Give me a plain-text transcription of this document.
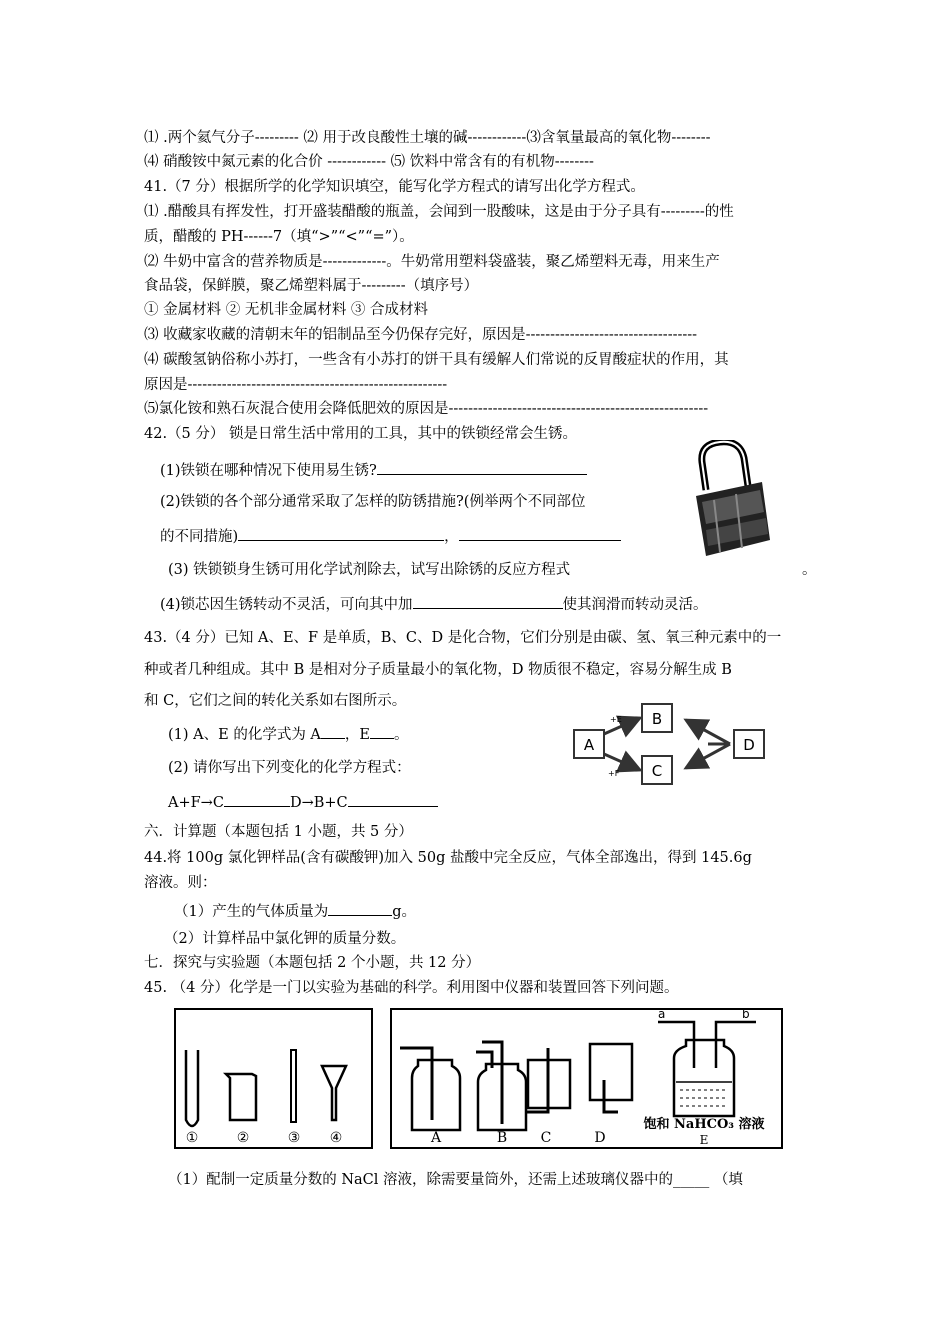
⑴ .两个氦气分子--------- ⑵ 用于改良酸性土壤的碱------------⑶含氧量最高的氧化物--------
⑷ 硝酸铵中氮元素的化合价 ------------ ⑸ 饮料中常含有的有机物--------
41.（7 分）根据所学的化学知识填空，能写化学方程式的请写出化学方程式。
⑴ .醋酸具有挥发性，打开盛装醋酸的瓶盖，会闻到一股酸味，这是由于分子具有---------的性
质，醋酸的 PH------7（填“>”“<”“=”）。
⑵ 牛奶中富含的营养物质是-------------。牛奶常用塑料袋盛装，聚乙烯塑料无毒，用来生产
食品袋，保鲜膜，聚乙烯塑料属于---------（填序号）
① 金属材料 ② 无机非金属材料 ③ 合成材料
⑶ 收藏家收藏的清朝末年的铝制品至今仍保存完好，原因是-----------------------------------
⑷ 碳酸氢钠俗称小苏打，一些含有小苏打的饼干具有缓解人们常说的反胃酸症状的作用，其
原因是-----------------------------------------------------
⑸氯化铵和熟石灰混合使用会降低肥效的原因是-----------------------------------------------------
42.（5 分） 锁是日常生活中常用的工具，其中的铁锁经常会生锈。
(1)铁锁在哪种情况下使用易生锈?
(2)铁锁的各个部分通常采取了怎样的防锈措施?(例举两个不同部位
的不同措施)	，
(3) 铁锁锁身生锈可用化学试剂除去，试写出除锈的反应方程式	。
(4)锁芯因生锈转动不灵活，可向其中加	使其润滑而转动灵活。
43.（4 分）已知 A、E、F 是单质，B、C、D 是化合物，它们分别是由碳、氢、氧三种元素中的一
种或者几种组成。其中 B 是相对分子质量最小的氧化物，D 物质很不稳定，容易分解生成 B
和 C，它们之间的转化关系如右图所示。
(1) A、E 的化学式为 A ，E 。
(2) 请你写出下列变化的化学方程式：
A+F→C	D→B+C
A
B
C
D
+E
+F
六．计算题（本题包括 1 小题，共 5 分）
44.将 100g 氯化钾样品(含有碳酸钾)加入 50g 盐酸中完全反应，气体全部逸出，得到 145.6g
溶液。则：
（1）产生的气体质量为	g。
（2）计算样品中氯化钾的质量分数。
七．探究与实验题（本题包括 2 个小题，共 12 分）
45. （4 分）化学是一门以实验为基础的科学。利用图中仪器和装置回答下列问题。
①	②	③ ④
a	b
A	B C	D
饱和 NaHCO₃ 溶液
E
（1）配制一定质量分数的 NaCl 溶液，除需要量筒外，还需上述玻璃仪器中的_____ （填
